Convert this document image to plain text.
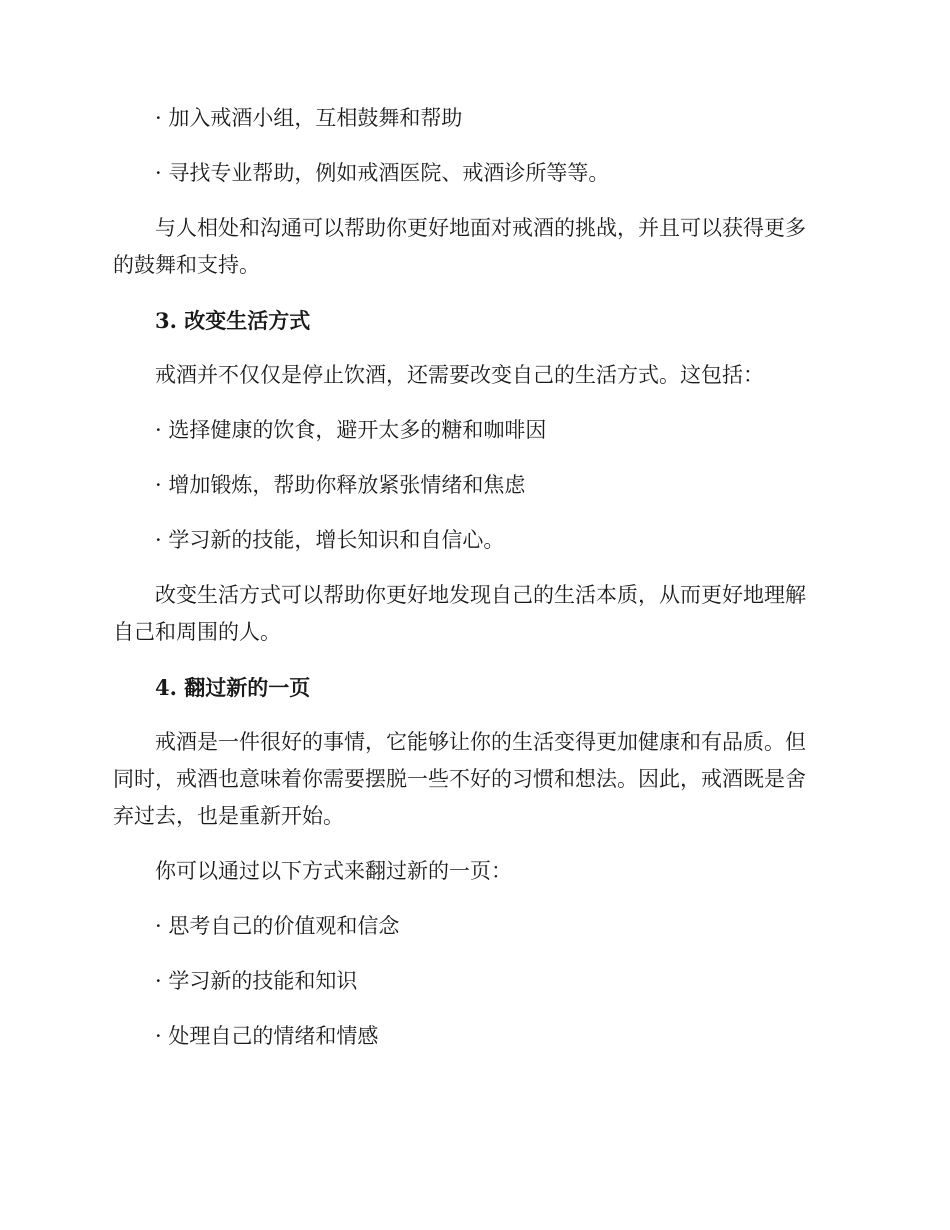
· 加入戒酒小组，互相鼓舞和帮助

· 寻找专业帮助，例如戒酒医院、戒酒诊所等等。

与人相处和沟通可以帮助你更好地面对戒酒的挑战，并且可以获得更多
的鼓舞和支持。

3. 改变生活方式

戒酒并不仅仅是停止饮酒，还需要改变自己的生活方式。这包括：

· 选择健康的饮食，避开太多的糖和咖啡因

· 增加锻炼，帮助你释放紧张情绪和焦虑

· 学习新的技能，增长知识和自信心。

改变生活方式可以帮助你更好地发现自己的生活本质，从而更好地理解
自己和周围的人。

4. 翻过新的一页

戒酒是一件很好的事情，它能够让你的生活变得更加健康和有品质。但
同时，戒酒也意味着你需要摆脱一些不好的习惯和想法。因此，戒酒既是舍
弃过去，也是重新开始。
你可以通过以下方式来翻过新的一页：

· 思考自己的价值观和信念

· 学习新的技能和知识

· 处理自己的情绪和情感
